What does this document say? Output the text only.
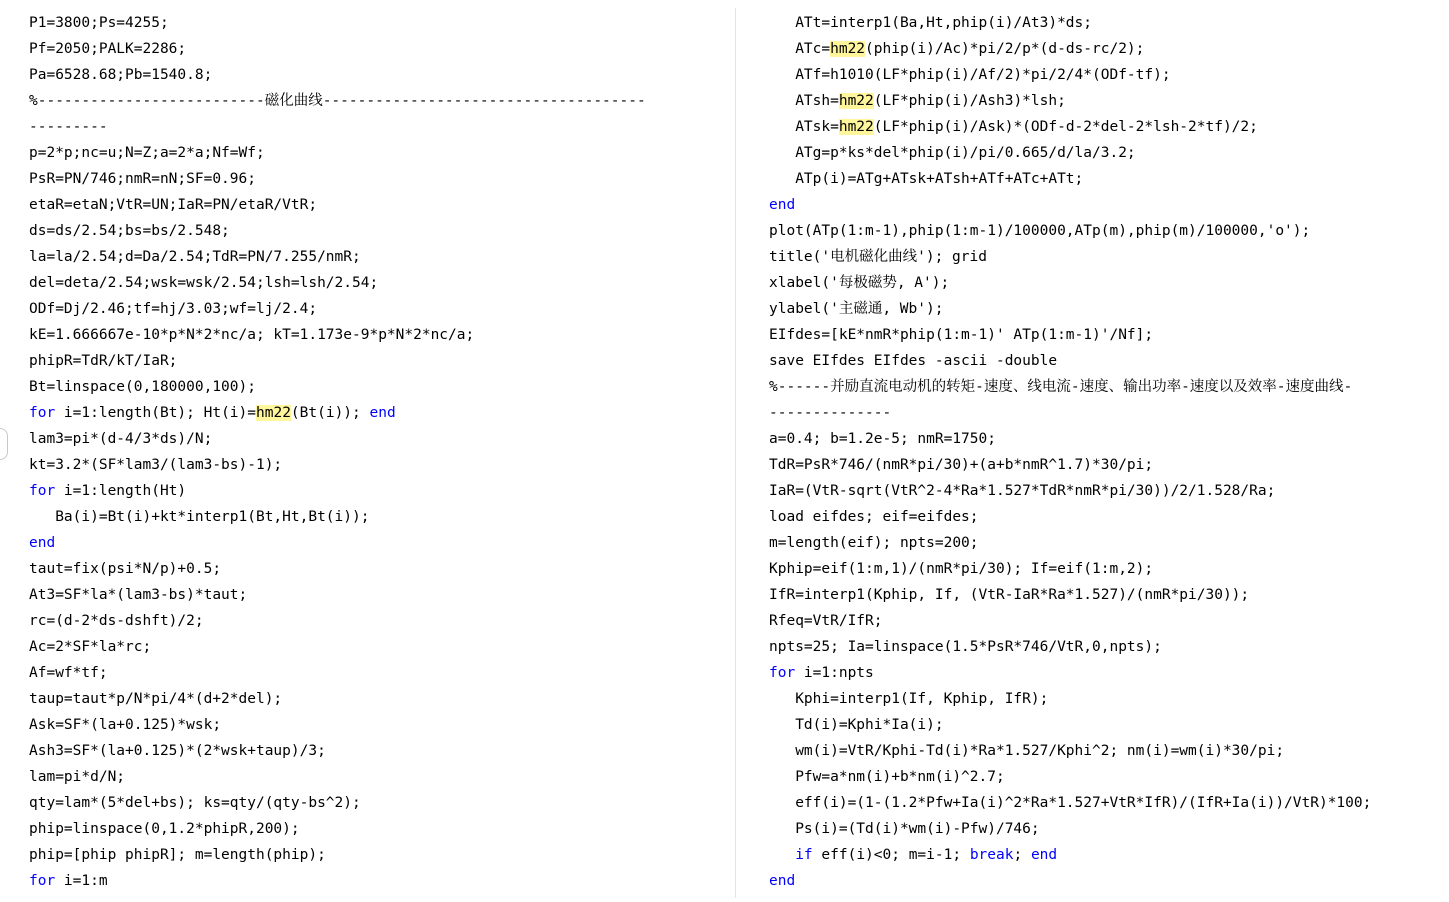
P1=3800;Ps=4255;
Pf=2050;PALK=2286;
Pa=6528.68;Pb=1540.8;
%--------------------------磁化曲线-------------------------------------
---------
p=2*p;nc=u;N=Z;a=2*a;Nf=Wf;
PsR=PN/746;nmR=nN;SF=0.96;
etaR=etaN;VtR=UN;IaR=PN/etaR/VtR;
ds=ds/2.54;bs=bs/2.548;
la=la/2.54;d=Da/2.54;TdR=PN/7.255/nmR;
del=deta/2.54;wsk=wsk/2.54;lsh=lsh/2.54;
ODf=Dj/2.46;tf=hj/3.03;wf=lj/2.4;
kE=1.666667e-10*p*N*2*nc/a; kT=1.173e-9*p*N*2*nc/a;
phipR=TdR/kT/IaR;
Bt=linspace(0,180000,100);
for i=1:length(Bt); Ht(i)=hm22(Bt(i)); end
lam3=pi*(d-4/3*ds)/N;
kt=3.2*(SF*lam3/(lam3-bs)-1);
for i=1:length(Ht)
Ba(i)=Bt(i)+kt*interp1(Bt,Ht,Bt(i));
end
taut=fix(psi*N/p)+0.5;
At3=SF*la*(lam3-bs)*taut;
rc=(d-2*ds-dshft)/2;
Ac=2*SF*la*rc;
Af=wf*tf;
taup=taut*p/N*pi/4*(d+2*del);
Ask=SF*(la+0.125)*wsk;
Ash3=SF*(la+0.125)*(2*wsk+taup)/3;
lam=pi*d/N;
qty=lam*(5*del+bs); ks=qty/(qty-bs^2);
phip=linspace(0,1.2*phipR,200);
phip=[phip phipR]; m=length(phip);
for i=1:m
ATt=interp1(Ba,Ht,phip(i)/At3)*ds;
ATc=hm22(phip(i)/Ac)*pi/2/p*(d-ds-rc/2);
ATf=h1010(LF*phip(i)/Af/2)*pi/2/4*(ODf-tf);
ATsh=hm22(LF*phip(i)/Ash3)*lsh;
ATsk=hm22(LF*phip(i)/Ask)*(ODf-d-2*del-2*lsh-2*tf)/2;
ATg=p*ks*del*phip(i)/pi/0.665/d/la/3.2;
ATp(i)=ATg+ATsk+ATsh+ATf+ATc+ATt;
end
plot(ATp(1:m-1),phip(1:m-1)/100000,ATp(m),phip(m)/100000,'o');
title('电机磁化曲线'); grid
xlabel('每极磁势, A');
ylabel('主磁通, Wb');
EIfdes=[kE*nmR*phip(1:m-1)' ATp(1:m-1)'/Nf];
save EIfdes EIfdes -ascii -double
%------并励直流电动机的转矩-速度、线电流-速度、输出功率-速度以及效率-速度曲线-
--------------
a=0.4; b=1.2e-5; nmR=1750;
TdR=PsR*746/(nmR*pi/30)+(a+b*nmR^1.7)*30/pi;
IaR=(VtR-sqrt(VtR^2-4*Ra*1.527*TdR*nmR*pi/30))/2/1.528/Ra;
load eifdes; eif=eifdes;
m=length(eif); npts=200;
Kphip=eif(1:m,1)/(nmR*pi/30); If=eif(1:m,2);
IfR=interp1(Kphip, If, (VtR-IaR*Ra*1.527)/(nmR*pi/30));
Rfeq=VtR/IfR;
npts=25; Ia=linspace(1.5*PsR*746/VtR,0,npts);
for i=1:npts
Kphi=interp1(If, Kphip, IfR);
Td(i)=Kphi*Ia(i);
wm(i)=VtR/Kphi-Td(i)*Ra*1.527/Kphi^2; nm(i)=wm(i)*30/pi;
Pfw=a*nm(i)+b*nm(i)^2.7;
eff(i)=(1-(1.2*Pfw+Ia(i)^2*Ra*1.527+VtR*IfR)/(IfR+Ia(i))/VtR)*100;
Ps(i)=(Td(i)*wm(i)-Pfw)/746;
if eff(i)<0; m=i-1; break; end
end
